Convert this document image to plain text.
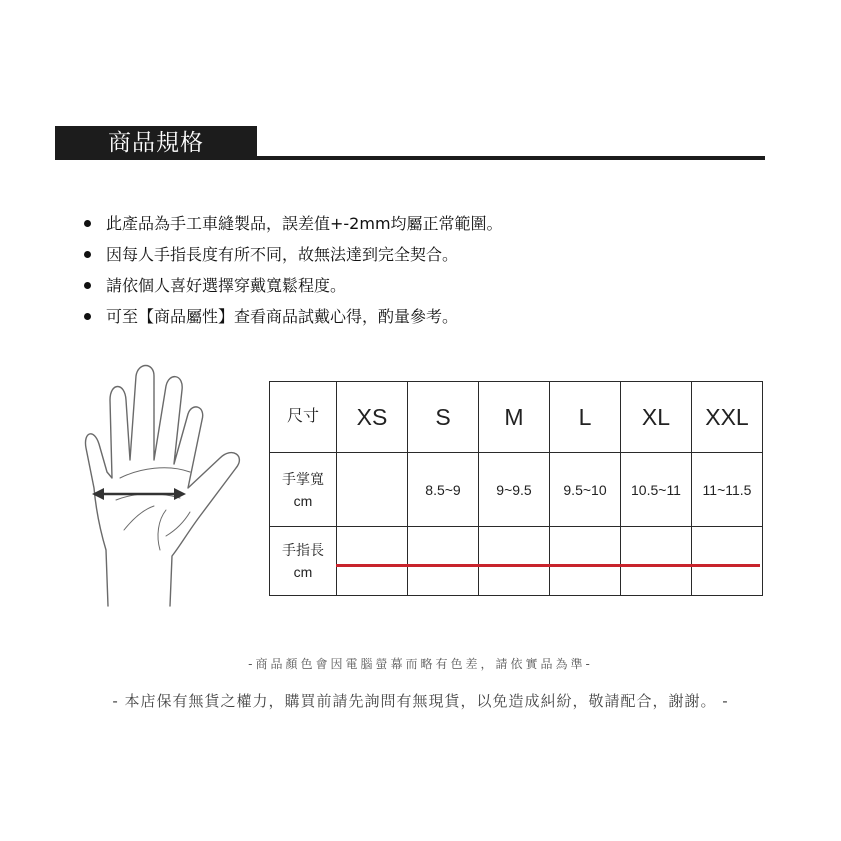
商品規格
此產品為手工車縫製品，誤差值+-2mm均屬正常範圍。
因每人手指長度有所不同，故無法達到完全契合。
請依個人喜好選擇穿戴寬鬆程度。
可至【商品屬性】查看商品試戴心得，酌量參考。
尺寸	XS	S	M	L	XL	XXL

手掌寬
cm		8.5~9	9~9.5	9.5~10	10.5~11	11~11.5

手指長
cm						

-商品顏色會因電腦螢幕而略有色差，請依實品為準-
- 本店保有無貨之權力，購買前請先詢問有無現貨，以免造成糾紛，敬請配合，謝謝。 -
